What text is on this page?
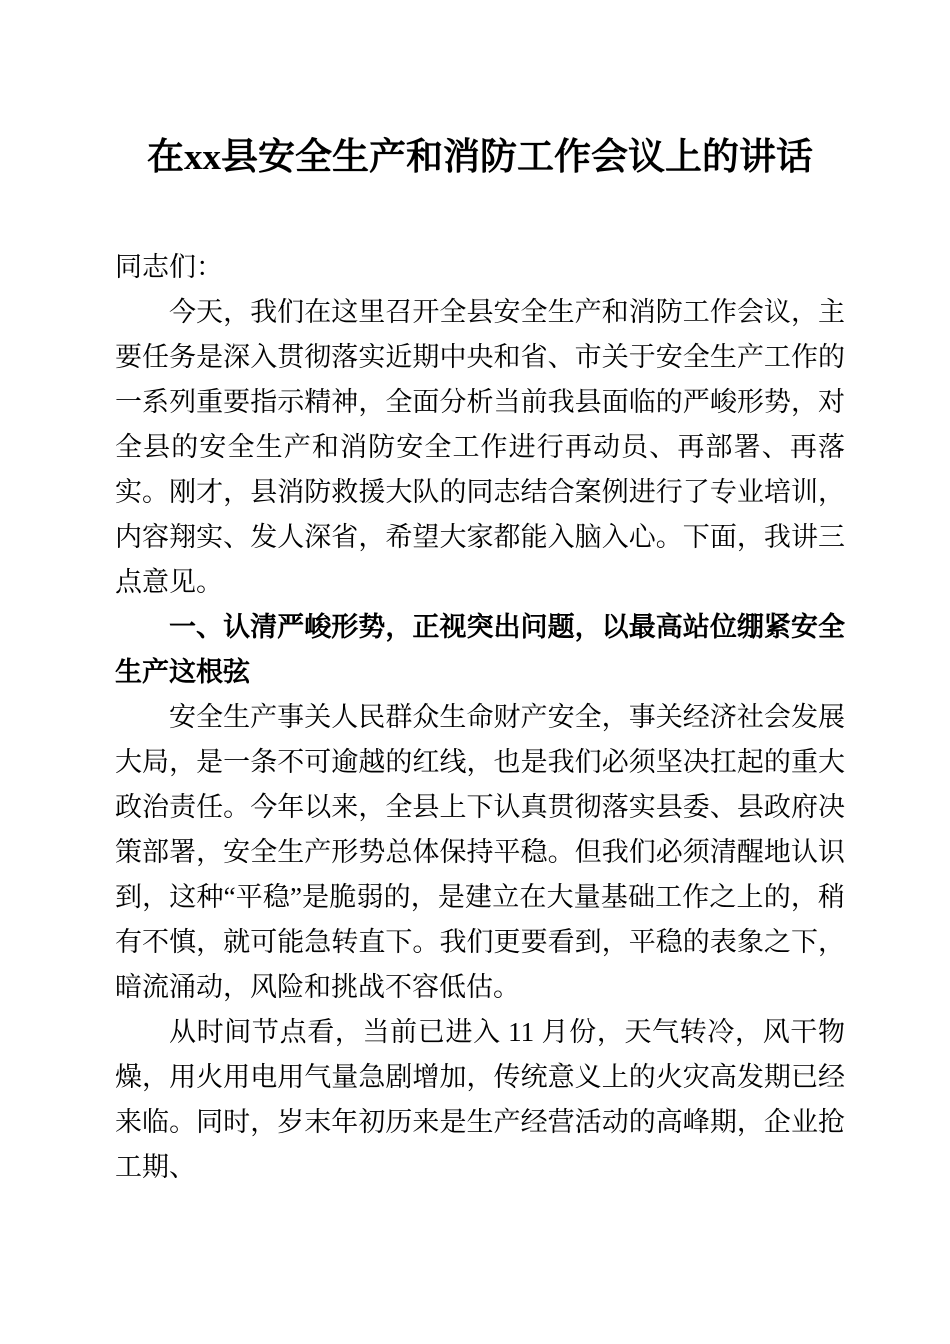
在xx县安全生产和消防工作会议上的讲话

同志们：

今天，我们在这里召开全县安全生产和消防工作会议，主要任务是深入贯彻落实近期中央和省、市关于安全生产工作的一系列重要指示精神，全面分析当前我县面临的严峻形势，对全县的安全生产和消防安全工作进行再动员、再部署、再落实。刚才，县消防救援大队的同志结合案例进行了专业培训，内容翔实、发人深省，希望大家都能入脑入心。下面，我讲三点意见。

一、认清严峻形势，正视突出问题，以最高站位绷紧安全生产这根弦

安全生产事关人民群众生命财产安全，事关经济社会发展大局，是一条不可逾越的红线，也是我们必须坚决扛起的重大政治责任。今年以来，全县上下认真贯彻落实县委、县政府决策部署，安全生产形势总体保持平稳。但我们必须清醒地认识到，这种“平稳”是脆弱的，是建立在大量基础工作之上的，稍有不慎，就可能急转直下。我们更要看到，平稳的表象之下，暗流涌动，风险和挑战不容低估。

从时间节点看，当前已进入 11 月份，天气转冷，风干物燥，用火用电用气量急剧增加，传统意义上的火灾高发期已经来临。同时，岁末年初历来是生产经营活动的高峰期，企业抢工期、
